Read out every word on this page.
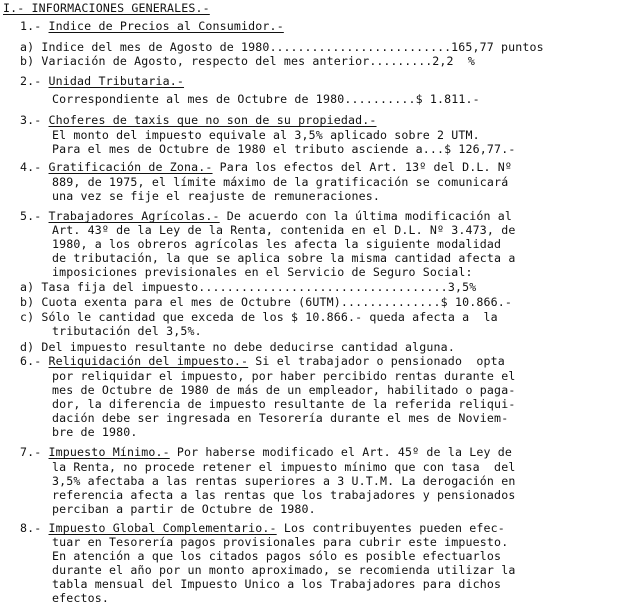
I.- INFORMACIONES GENERALES.-
1.- Indice de Precios al Consumidor.-
a) Indice del mes de Agosto de 1980..........................165,77 puntos
b) Variación de Agosto, respecto del mes anterior.........2,2  %
2.- Unidad Tributaria.-
Correspondiente al mes de Octubre de 1980..........$ 1.811.-
3.- Choferes de taxis que no son de su propiedad.-
El monto del impuesto equivale al 3,5% aplicado sobre 2 UTM.
Para el mes de Octubre de 1980 el tributo asciende a...$ 126,77.-
4.- Gratificación de Zona.- Para los efectos del Art. 13º del D.L. Nº
889, de 1975, el límite máximo de la gratificación se comunicará
una vez se fije el reajuste de remuneraciones.
5.- Trabajadores Agrícolas.- De acuerdo con la última modificación al
Art. 43º de la Ley de la Renta, contenida en el D.L. Nº 3.473, de
1980, a los obreros agrícolas les afecta la siguiente modalidad
de tributación, la que se aplica sobre la misma cantidad afecta a
imposiciones previsionales en el Servicio de Seguro Social:
a) Tasa fija del impuesto...................................3,5%
b) Cuota exenta para el mes de Octubre (6UTM)..............$ 10.866.-
c) Sólo le cantidad que exceda de los $ 10.866.- queda afecta a  la
tributación del 3,5%.
d) Del impuesto resultante no debe deducirse cantidad alguna.
6.- Reliquidación del impuesto.- Si el trabajador o pensionado  opta
por reliquidar el impuesto, por haber percibido rentas durante el
mes de Octubre de 1980 de más de un empleador, habilitado o paga-
dor, la diferencia de impuesto resultante de la referida reliqui-
dación debe ser ingresada en Tesorería durante el mes de Noviem-
bre de 1980.
7.- Impuesto Mínimo.- Por haberse modificado el Art. 45º de la Ley de
la Renta, no procede retener el impuesto mínimo que con tasa  del
3,5% afectaba a las rentas superiores a 3 U.T.M. La derogación en
referencia afecta a las rentas que los trabajadores y pensionados
perciban a partir de Octubre de 1980.
8.- Impuesto Global Complementario.- Los contribuyentes pueden efec-
tuar en Tesorería pagos provisionales para cubrir este impuesto.
En atención a que los citados pagos sólo es posible efectuarlos
durante el año por un monto aproximado, se recomienda utilizar la
tabla mensual del Impuesto Unico a los Trabajadores para dichos
efectos.
